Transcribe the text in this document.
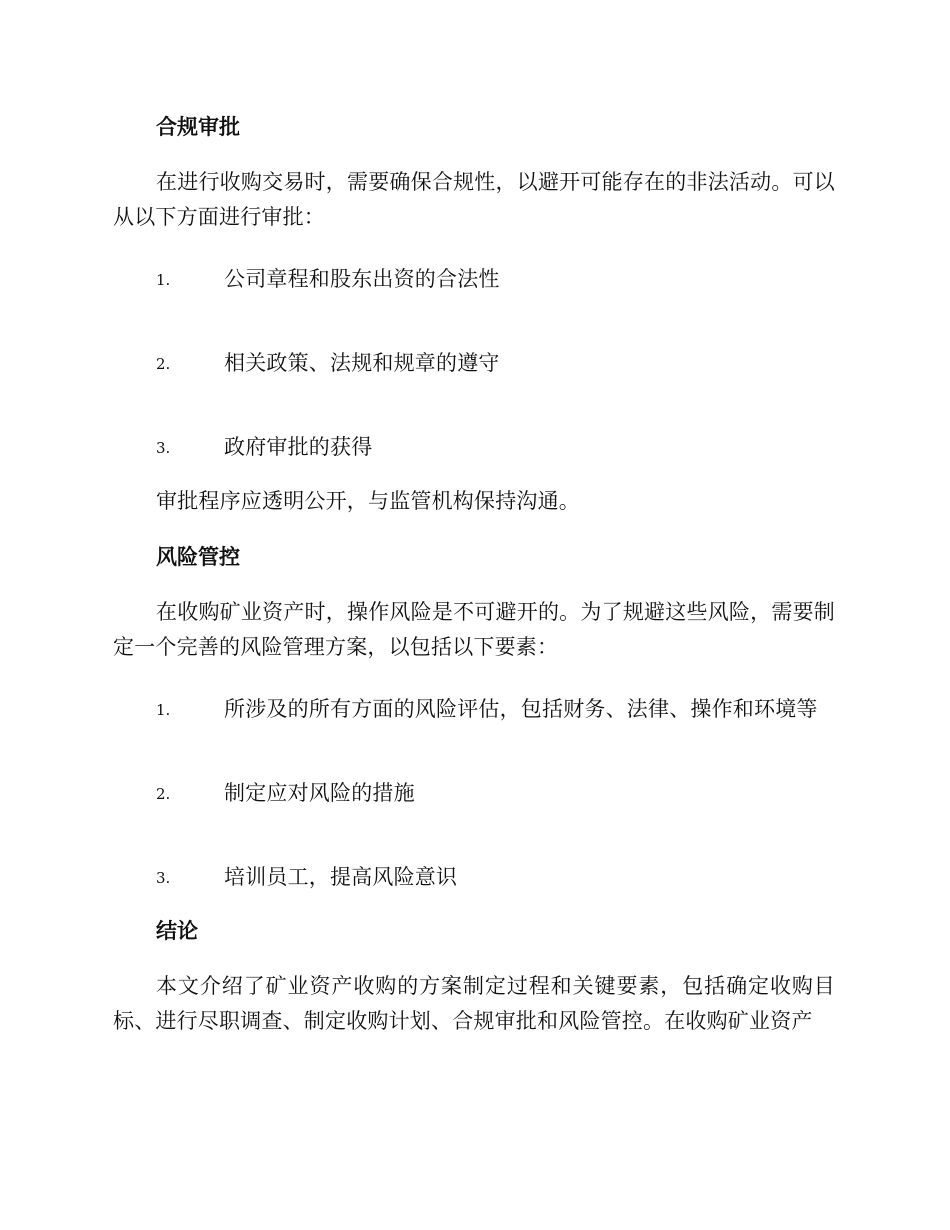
合规审批
在进行收购交易时，需要确保合规性，以避开可能存在的非法活动。可以从以下方面进行审批：
1.	公司章程和股东出资的合法性
2.	相关政策、法规和规章的遵守
3.	政府审批的获得
审批程序应透明公开，与监管机构保持沟通。
风险管控
在收购矿业资产时，操作风险是不可避开的。为了规避这些风险，需要制定一个完善的风险管理方案，以包括以下要素：
1.	所涉及的所有方面的风险评估，包括财务、法律、操作和环境等
2.	制定应对风险的措施
3.	培训员工，提高风险意识
结论
本文介绍了矿业资产收购的方案制定过程和关键要素，包括确定收购目标、进行尽职调查、制定收购计划、合规审批和风险管控。在收购矿业资产
